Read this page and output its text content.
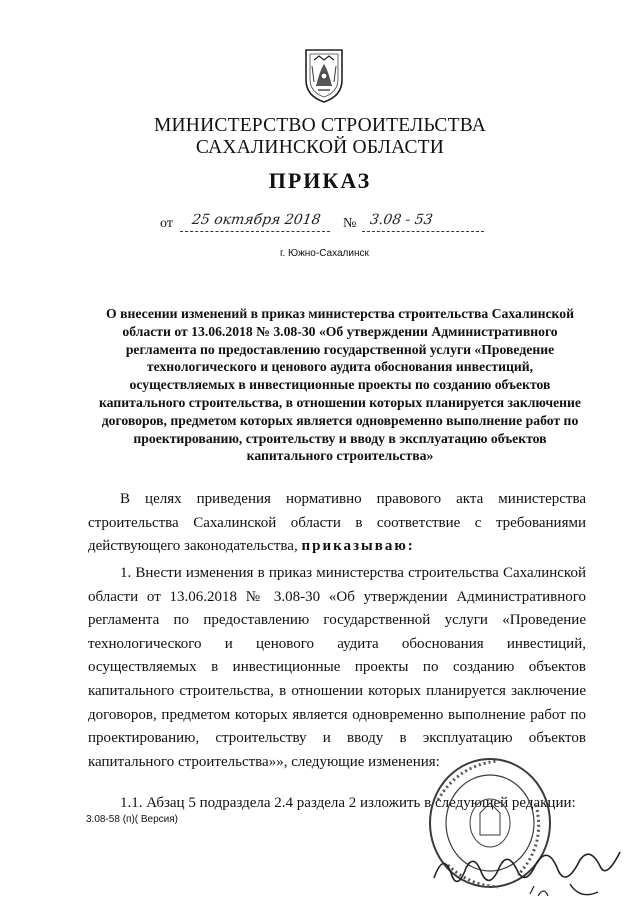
МИНИСТЕРСТВО СТРОИТЕЛЬСТВА
САХАЛИНСКОЙ ОБЛАСТИ
ПРИКАЗ
от 25 октября 2018 № 3.08 - 53
г. Южно-Сахалинск
О внесении изменений в приказ министерства строительства Сахалинской области от 13.06.2018 № 3.08-30 «Об утверждении Административного регламента по предоставлению государственной услуги «Проведение технологического и ценового аудита обоснования инвестиций, осуществляемых в инвестиционные проекты по созданию объектов капитального строительства, в отношении которых планируется заключение договоров, предметом которых является одновременно выполнение работ по проектированию, строительству и вводу в эксплуатацию объектов капитального строительства»
В целях приведения нормативно правового акта министерства строительства Сахалинской области в соответствие с требованиями действующего законодательства, приказываю:
1. Внести изменения в приказ министерства строительства Сахалинской области от 13.06.2018 № 3.08-30 «Об утверждении Административного регламента по предоставлению государственной услуги «Проведение технологического и ценового аудита обоснования инвестиций, осуществляемых в инвестиционные проекты по созданию объектов капитального строительства, в отношении которых планируется заключение договоров, предметом которых является одновременно выполнение работ по проектированию, строительству и вводу в эксплуатацию объектов капитального строительства»», следующие изменения:
1.1. Абзац 5 подраздела 2.4 раздела 2 изложить в следующей редакции:
3.08-58 (п)( Версия)
